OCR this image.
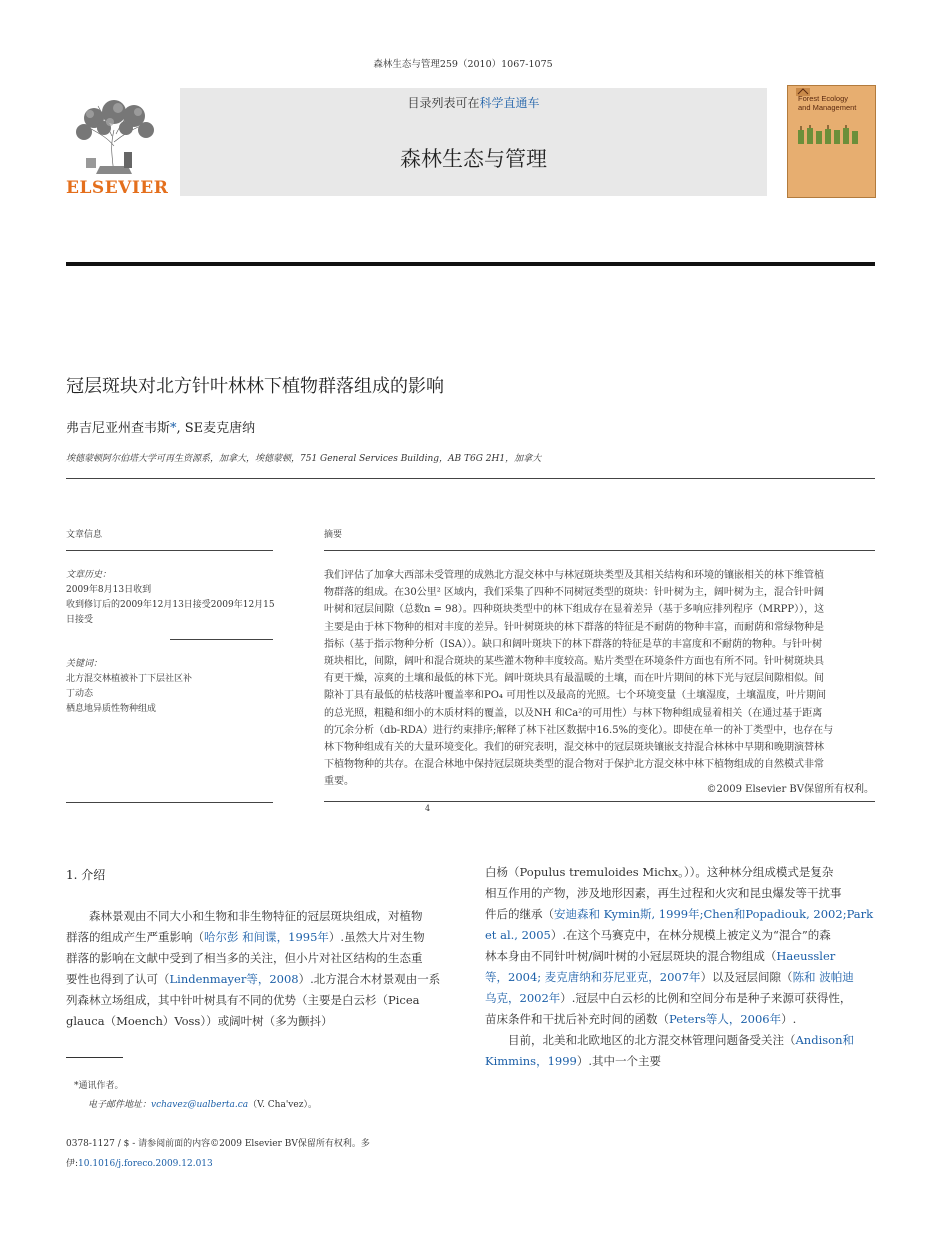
森林生态与管理259（2010）1067-1075
ELSEVIER
目录列表可在科学直通车
森林生态与管理
Forest Ecology
and Management
冠层斑块对北方针叶林林下植物群落组成的影响
弗吉尼亚州查韦斯*, SE麦克唐纳
埃德蒙顿阿尔伯塔大学可再生资源系，加拿大，埃德蒙顿，751 General Services Building，AB T6G 2H1，加拿大
文章信息
文章历史：
2009年8月13日收到
收到修订后的2009年12月13日接受2009年12月15
日接受
关键词：
北方混交林植被补丁下层社区补
丁动态
栖息地异质性物种组成
摘要
我们评估了加拿大西部未受管理的成熟北方混交林中与林冠斑块类型及其相关结构和环境的镶嵌相关的林下维管植
物群落的组成。在30公里² 区域内，我们采集了四种不同树冠类型的斑块：针叶树为主，阔叶树为主，混合针叶阔
叶树和冠层间隙（总数n = 98）。四种斑块类型中的林下组成存在显着差异（基于多响应排列程序（MRPP）），这
主要是由于林下物种的相对丰度的差异。针叶树斑块的林下群落的特征是不耐荫的物种丰富，而耐荫和常绿物种是
指标（基于指示物种分析（ISA））。缺口和阔叶斑块下的林下群落的特征是草的丰富度和不耐荫的物种。与针叶树
斑块相比，间隙，阔叶和混合斑块的某些灌木物种丰度较高。贴片类型在环境条件方面也有所不同。针叶树斑块具
有更干燥，凉爽的土壤和最低的林下光。阔叶斑块具有最温暖的土壤，而在叶片期间的林下光与冠层间隙相似。间
隙补丁具有最低的枯枝落叶覆盖率和PO₄ 可用性以及最高的光照。七个环境变量（土壤湿度，土壤温度，叶片期间
的总光照，粗糙和细小的木质材料的覆盖，以及NH 和Ca²的可用性）与林下物种组成显着相关（在通过基于距离
的冗余分析（db-RDA）进行约束排序;解释了林下社区数据中16.5%的变化）。即使在单一的补丁类型中，也存在与
林下物种组成有关的大量环境变化。我们的研究表明，混交林中的冠层斑块镶嵌支持混合林林中早期和晚期演替林
下植物物种的共存。在混合林地中保持冠层斑块类型的混合物对于保护北方混交林中林下植物组成的自然模式非常
重要。
©2009 Elsevier BV保留所有权利。
4
1. 介绍
　　森林景观由不同大小和生物和非生物特征的冠层斑块组成，对植物
群落的组成产生严重影响（哈尔彭 和间谍，1995年）.虽然大片对生物
群落的影响在文献中受到了相当多的关注，但小片对社区结构的生态重
要性也得到了认可（Lindenmayer等，2008）.北方混合木材景观由一系
列森林立场组成，其中针叶树具有不同的优势（主要是白云杉（Picea
glauca（Moench）Voss））或阔叶树（多为颤抖）
白杨（Populus tremuloides Michx。））。这种林分组成模式是复杂
相互作用的产物，涉及地形因素，再生过程和火灾和昆虫爆发等干扰事
件后的继承（安迪森和 Kymin斯, 1999年;Chen和Popadiouk, 2002;Park
et al., 2005）.在这个马赛克中，在林分规模上被定义为“混合”的森
林本身由不同针叶树/阔叶树的小冠层斑块的混合物组成（Haeussler
等，2004; 麦克唐纳和芬尼亚克，2007年）以及冠层间隙（陈和 波帕迪
乌克，2002年）.冠层中白云杉的比例和空间分布是种子来源可获得性，
苗床条件和干扰后补充时间的函数（Peters等人，2006年）.
　　目前，北美和北欧地区的北方混交林管理问题备受关注（Andison和
Kimmins，1999）.其中一个主要
*通讯作者。
电子邮件地址：vchavez@ualberta.ca（V. Cha'vez）。
0378-1127 / $ - 请参阅前面的内容©2009 Elsevier BV保留所有权利。多
伊:10.1016/j.foreco.2009.12.013
